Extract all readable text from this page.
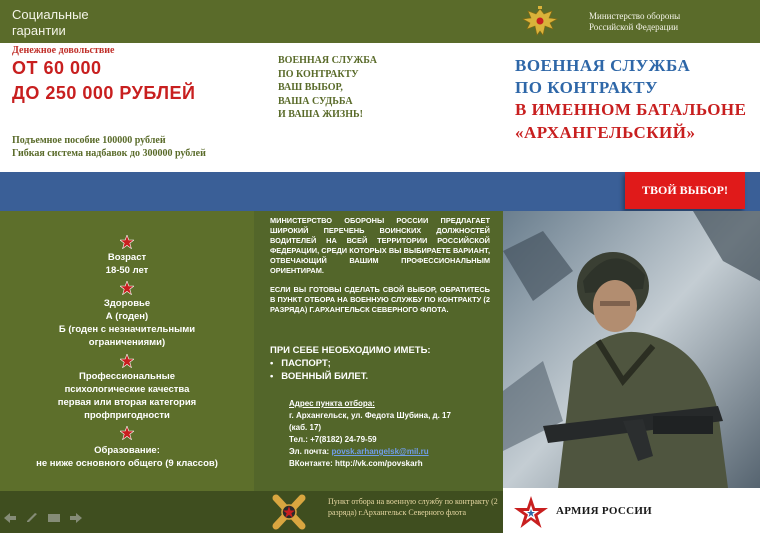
Социальные гарантии
Министерство обороны Российской Федерации
Денежное довольствие
ОТ 60 000
ДО 250 000 РУБЛЕЙ
Подъемное пособие 100000 рублей
Гибкая система надбавок до 300000 рублей
ВОЕННАЯ СЛУЖБА
ПО КОНТРАКТУ
ВАШ ВЫБОР,
ВАША СУДЬБА
И ВАША ЖИЗНЬ!
ВОЕННАЯ СЛУЖБА
ПО КОНТРАКТУ
В ИМЕННОМ БАТАЛЬОНЕ
«АРХАНГЕЛЬСКИЙ»
ТВОЙ ВЫБОР!
Возраст
18-50 лет
Здоровье
А (годен)
Б (годен с незначительными
ограничениями)
Профессиональные
психологические качества
первая или вторая категория
профпригодности
Образование:
не ниже основного общего (9 классов)
МИНИСТЕРСТВО ОБОРОНЫ РОССИИ ПРЕДЛАГАЕТ ШИРОКИЙ ПЕРЕЧЕНЬ ВОИНСКИХ ДОЛЖНОСТЕЙ ВОДИТЕЛЕЙ НА ВСЕЙ ТЕРРИТОРИИ РОССИЙСКОЙ ФЕДЕРАЦИИ, СРЕДИ КОТОРЫХ ВЫ ВЫБИРАЕТЕ ВАРИАНТ, ОТВЕЧАЮЩИЙ ВАШИМ ПРОФЕССИОНАЛЬНЫМ ОРИЕНТИРАМ.
ЕСЛИ ВЫ ГОТОВЫ СДЕЛАТЬ СВОЙ ВЫБОР, ОБРАТИТЕСЬ В ПУНКТ ОТБОРА НА ВОЕННУЮ СЛУЖБУ ПО КОНТРАКТУ (2 РАЗРЯДА) Г.АРХАНГЕЛЬСК СЕВЕРНОГО ФЛОТА.
ПРИ СЕБЕ НЕОБХОДИМО ИМЕТЬ:
•   ПАСПОРТ;
•   ВОЕННЫЙ БИЛЕТ.
Адрес пункта отбора:
г. Архангельск, ул. Федота Шубина, д. 17
(каб. 17)
Тел.: +7(8182) 24-79-59
Эл. почта: povsk.arhangelsk@mil.ru
ВКонтакте: http://vk.com/povskarh
Пункт отбора на военную службу по контракту (2 разряда) г.Архангельск Северного флота	АРМИЯ РОССИИ
